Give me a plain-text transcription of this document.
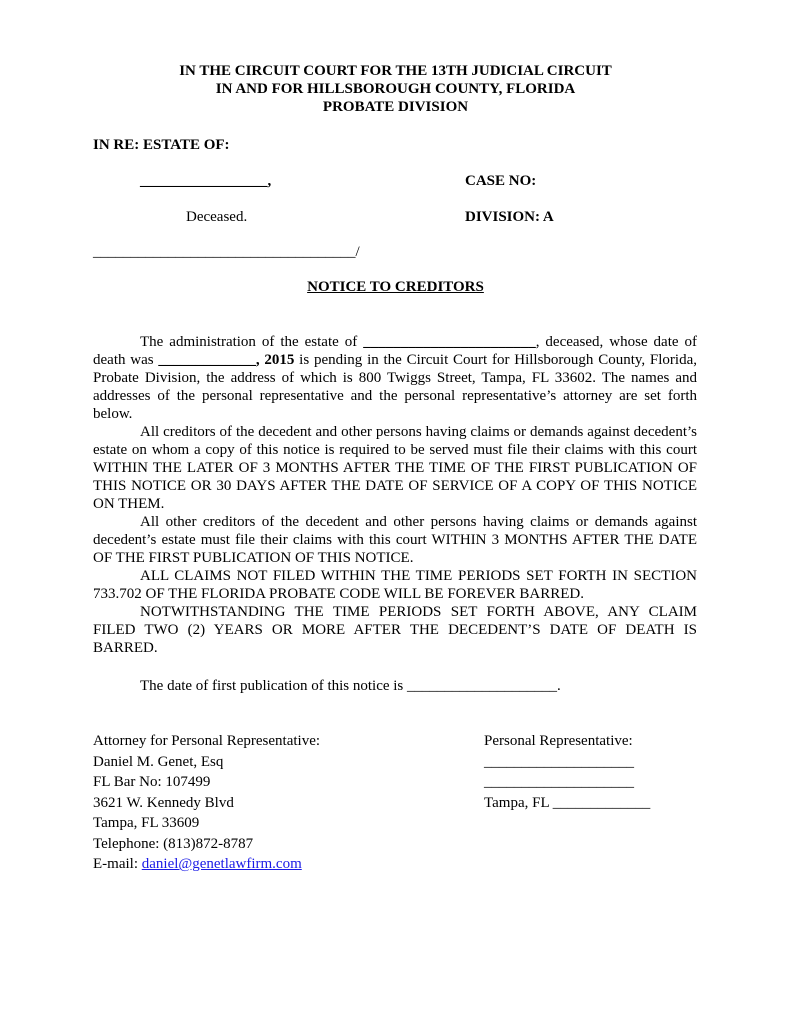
IN THE CIRCUIT COURT FOR THE 13TH JUDICIAL CIRCUIT
IN AND FOR HILLSBOROUGH COUNTY, FLORIDA
PROBATE DIVISION
IN RE: ESTATE OF:
_________________,	CASE NO:
Deceased.	DIVISION: A
___________________________________/
NOTICE TO CREDITORS

The administration of the estate of _______________________, deceased, whose date of death was _____________, 2015 is pending in the Circuit Court for Hillsborough County, Florida, Probate Division, the address of which is 800 Twiggs Street, Tampa, FL 33602. The names and addresses of the personal representative and the personal representative’s attorney are set forth below.

All creditors of the decedent and other persons having claims or demands against decedent’s estate on whom a copy of this notice is required to be served must file their claims with this court WITHIN THE LATER OF 3 MONTHS AFTER THE TIME OF THE FIRST PUBLICATION OF THIS NOTICE OR 30 DAYS AFTER THE DATE OF SERVICE OF A COPY OF THIS NOTICE ON THEM.

All other creditors of the decedent and other persons having claims or demands against decedent’s estate must file their claims with this court WITHIN 3 MONTHS AFTER THE DATE OF THE FIRST PUBLICATION OF THIS NOTICE.

ALL CLAIMS NOT FILED WITHIN THE TIME PERIODS SET FORTH IN SECTION 733.702 OF THE FLORIDA PROBATE CODE WILL BE FOREVER BARRED.

NOTWITHSTANDING THE TIME PERIODS SET FORTH ABOVE, ANY CLAIM FILED TWO (2) YEARS OR MORE AFTER THE DECEDENT’S DATE OF DEATH IS BARRED.

The date of first publication of this notice is ____________________.
Attorney for Personal Representative:
Daniel M. Genet, Esq
FL Bar No: 107499
3621 W. Kennedy Blvd
Tampa, FL 33609
Telephone: (813)872-8787
E-mail: daniel@genetlawfirm.com
Personal Representative:
____________________
____________________
Tampa, FL _____________
